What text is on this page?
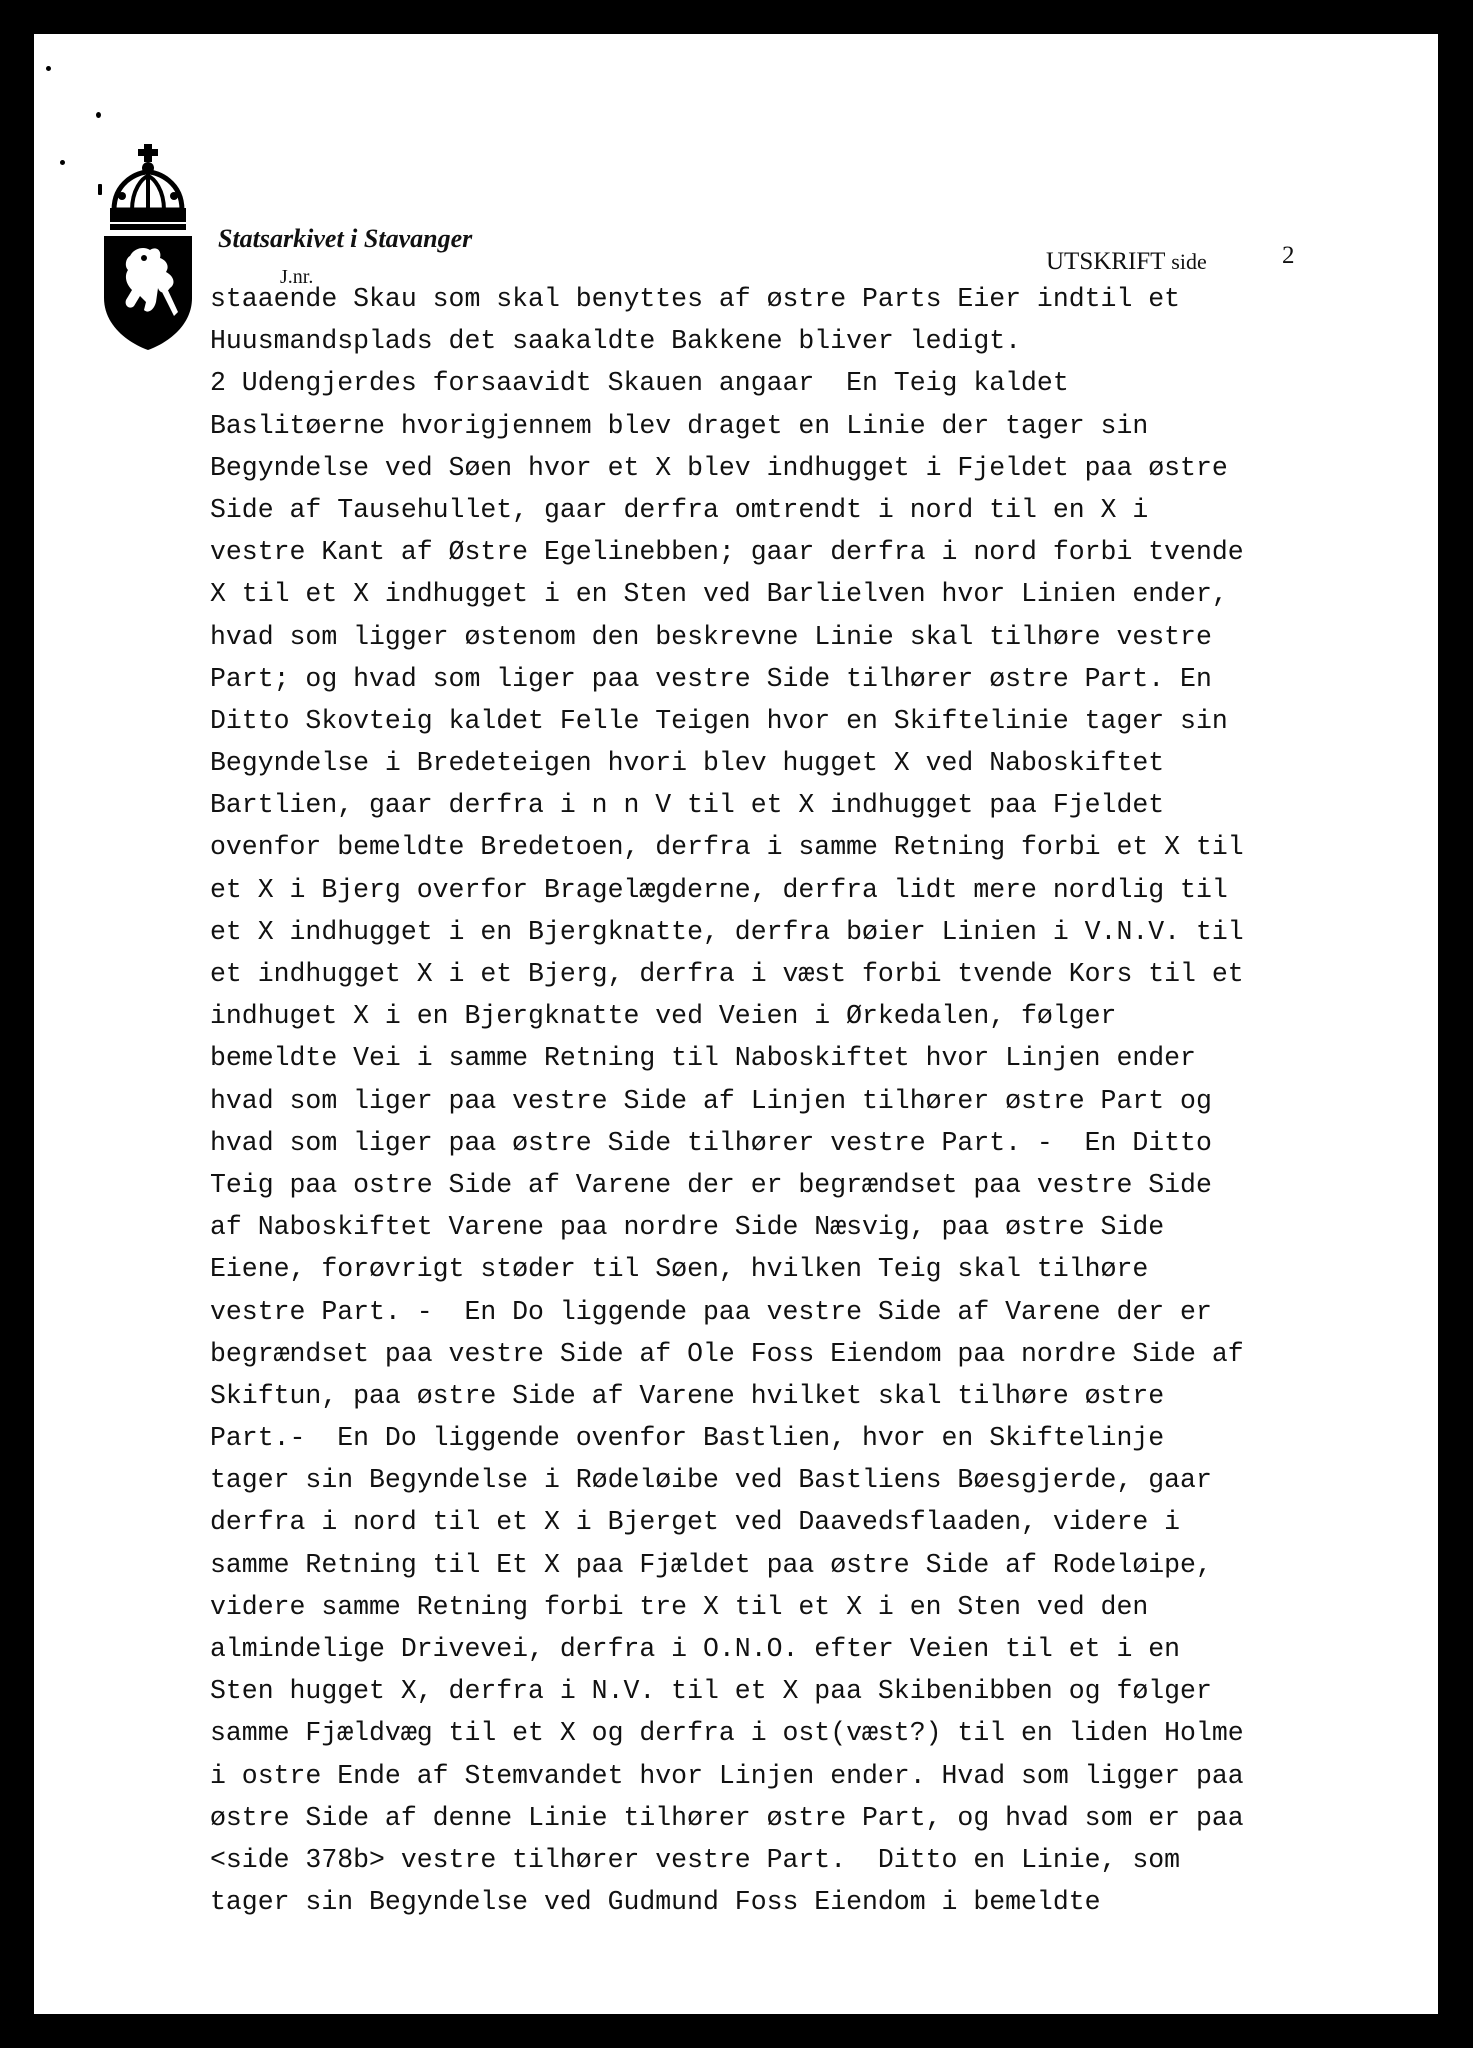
Statsarkivet i Stavanger
J.nr.
UTSKRIFT side	2
staaende Skau som skal benyttes af østre Parts Eier indtil et
Huusmandsplads det saakaldte Bakkene bliver ledigt.
2 Udengjerdes forsaavidt Skauen angaar  En Teig kaldet
Baslitøerne hvorigjennem blev draget en Linie der tager sin
Begyndelse ved Søen hvor et X blev indhugget i Fjeldet paa østre
Side af Tausehullet, gaar derfra omtrendt i nord til en X i
vestre Kant af Østre Egelinebben; gaar derfra i nord forbi tvende
X til et X indhugget i en Sten ved Barlielven hvor Linien ender,
hvad som ligger østenom den beskrevne Linie skal tilhøre vestre
Part; og hvad som liger paa vestre Side tilhører østre Part. En
Ditto Skovteig kaldet Felle Teigen hvor en Skiftelinie tager sin
Begyndelse i Bredeteigen hvori blev hugget X ved Naboskiftet
Bartlien, gaar derfra i n n V til et X indhugget paa Fjeldet
ovenfor bemeldte Bredetoen, derfra i samme Retning forbi et X til
et X i Bjerg overfor Bragelægderne, derfra lidt mere nordlig til
et X indhugget i en Bjergknatte, derfra bøier Linien i V.N.V. til
et indhugget X i et Bjerg, derfra i væst forbi tvende Kors til et
indhuget X i en Bjergknatte ved Veien i Ørkedalen, følger
bemeldte Vei i samme Retning til Naboskiftet hvor Linjen ender
hvad som liger paa vestre Side af Linjen tilhører østre Part og
hvad som liger paa østre Side tilhører vestre Part. -  En Ditto
Teig paa ostre Side af Varene der er begrændset paa vestre Side
af Naboskiftet Varene paa nordre Side Næsvig, paa østre Side
Eiene, forøvrigt støder til Søen, hvilken Teig skal tilhøre
vestre Part. -  En Do liggende paa vestre Side af Varene der er
begrændset paa vestre Side af Ole Foss Eiendom paa nordre Side af
Skiftun, paa østre Side af Varene hvilket skal tilhøre østre
Part.-  En Do liggende ovenfor Bastlien, hvor en Skiftelinje
tager sin Begyndelse i Rødeløibe ved Bastliens Bøesgjerde, gaar
derfra i nord til et X i Bjerget ved Daavedsflaaden, videre i
samme Retning til Et X paa Fjældet paa østre Side af Rodeløipe,
videre samme Retning forbi tre X til et X i en Sten ved den
almindelige Drivevei, derfra i O.N.O. efter Veien til et i en
Sten hugget X, derfra i N.V. til et X paa Skibenibben og følger
samme Fjældvæg til et X og derfra i ost(væst?) til en liden Holme
i ostre Ende af Stemvandet hvor Linjen ender. Hvad som ligger paa
østre Side af denne Linie tilhører østre Part, og hvad som er paa
<side 378b> vestre tilhører vestre Part.  Ditto en Linie, som
tager sin Begyndelse ved Gudmund Foss Eiendom i bemeldte
